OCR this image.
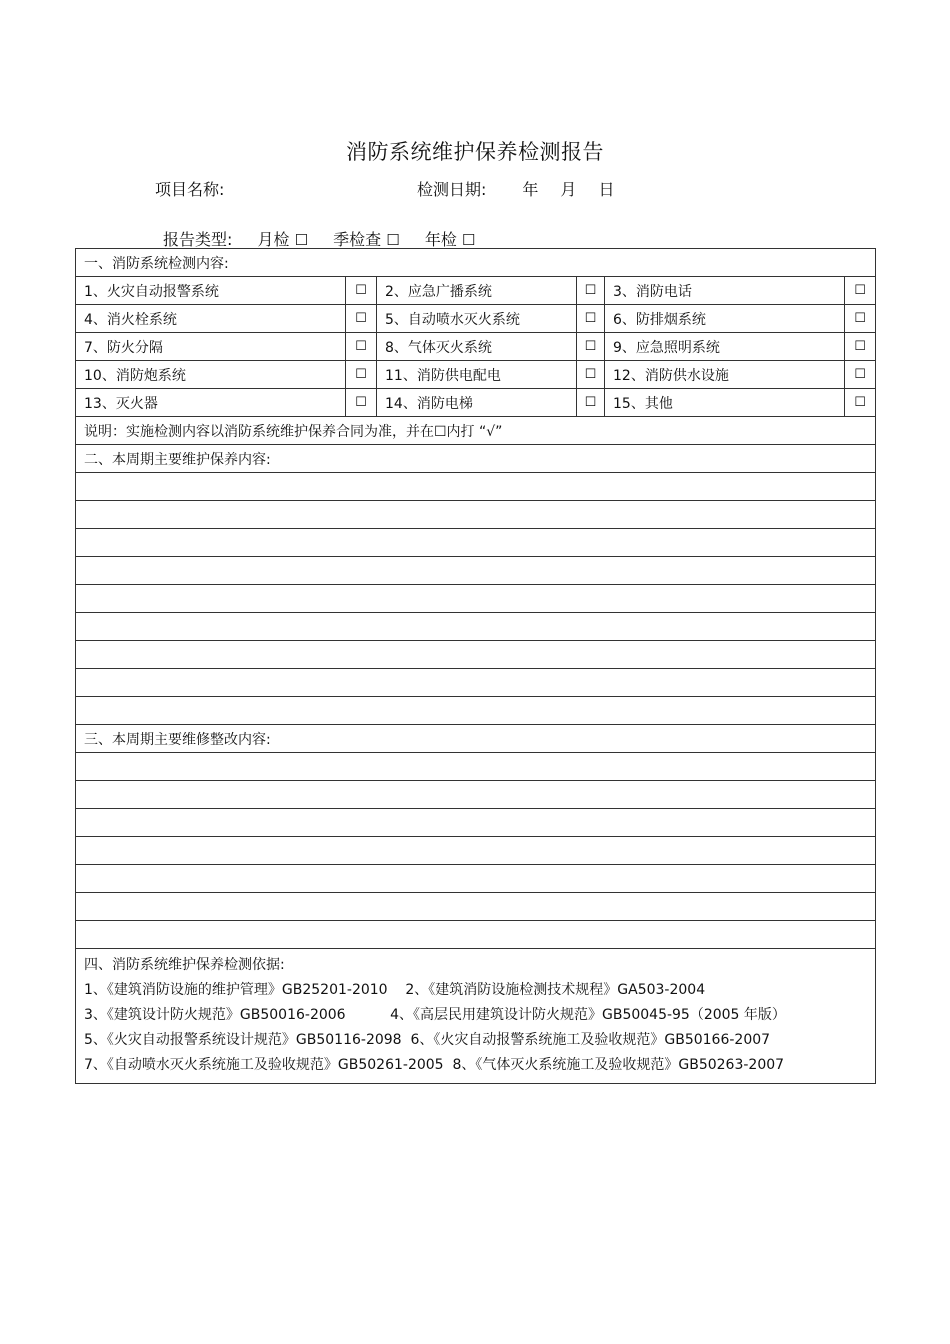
消防系统维护保养检测报告
项目名称:	检测日期: 年 月 日
报告类型: 月检 ☐ 季检查 ☐ 年检 ☐
一、消防系统检测内容:					
1、火灾自动报警系统	☐	2、应急广播系统	☐	3、消防电话	☐
4、消火栓系统	☐	5、自动喷水灭火系统	☐	6、防排烟系统	☐
7、防火分隔	☐	8、气体灭火系统	☐	9、应急照明系统	☐
10、消防炮系统	☐	11、消防供电配电	☐	12、消防供水设施	☐
13、灭火器	☐	14、消防电梯	☐	15、其他	☐
说明：实施检测内容以消防系统维护保养合同为准，并在☐内打 “√”					
二、本周期主要维护保养内容:					

三、本周期主要维修整改内容:					

四、消防系统维护保养检测依据:
1、《建筑消防设施的维护管理》GB25201-2010    2、《建筑消防设施检测技术规程》GA503-2004
3、《建筑设计防火规范》GB50016-2006          4、《高层民用建筑设计防火规范》GB50045-95（2005 年版）
5、《火灾自动报警系统设计规范》GB50116-2098  6、《火灾自动报警系统施工及验收规范》GB50166-2007
7、《自动喷水灭火系统施工及验收规范》GB50261-2005  8、《气体灭火系统施工及验收规范》GB50263-2007					
